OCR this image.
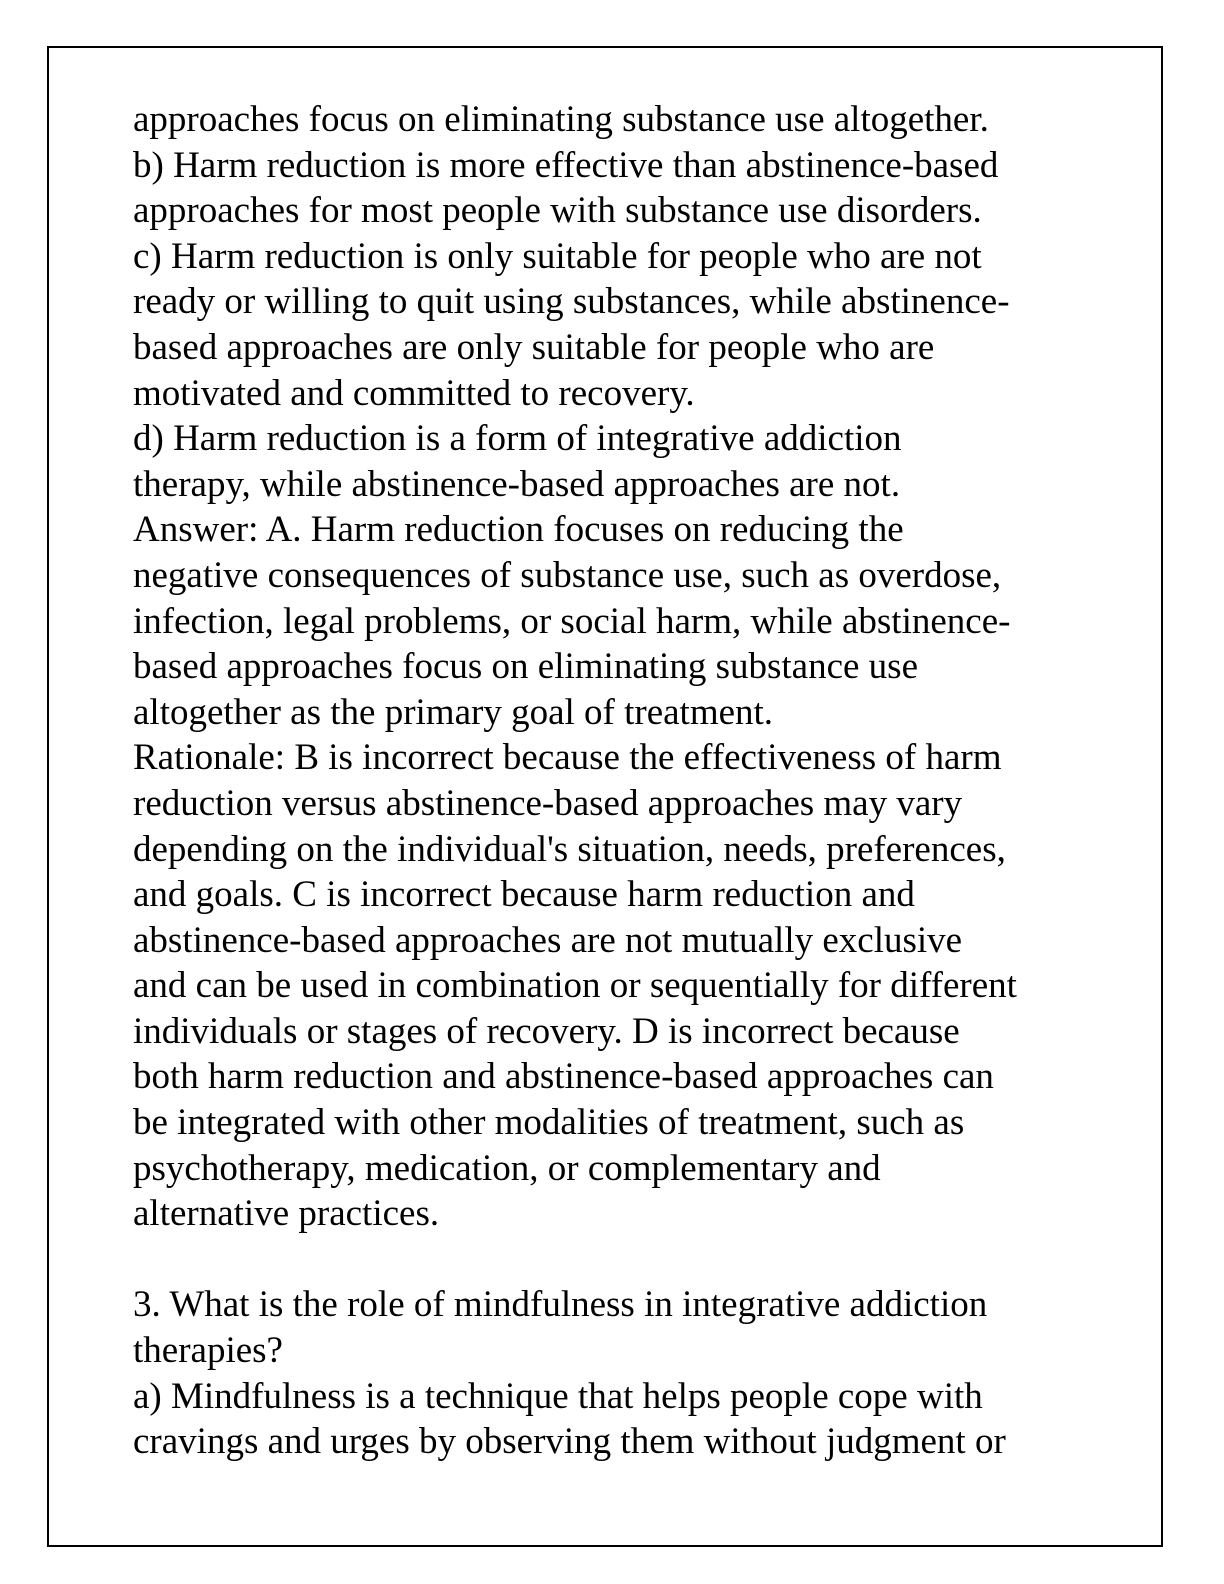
approaches focus on eliminating substance use altogether.
b) Harm reduction is more effective than abstinence-based
approaches for most people with substance use disorders.
c) Harm reduction is only suitable for people who are not
ready or willing to quit using substances, while abstinence-
based approaches are only suitable for people who are
motivated and committed to recovery.
d) Harm reduction is a form of integrative addiction
therapy, while abstinence-based approaches are not.
Answer: A. Harm reduction focuses on reducing the
negative consequences of substance use, such as overdose,
infection, legal problems, or social harm, while abstinence-
based approaches focus on eliminating substance use
altogether as the primary goal of treatment.
Rationale: B is incorrect because the effectiveness of harm
reduction versus abstinence-based approaches may vary
depending on the individual's situation, needs, preferences,
and goals. C is incorrect because harm reduction and
abstinence-based approaches are not mutually exclusive
and can be used in combination or sequentially for different
individuals or stages of recovery. D is incorrect because
both harm reduction and abstinence-based approaches can
be integrated with other modalities of treatment, such as
psychotherapy, medication, or complementary and
alternative practices.
3. What is the role of mindfulness in integrative addiction
therapies?
a) Mindfulness is a technique that helps people cope with
cravings and urges by observing them without judgment or
